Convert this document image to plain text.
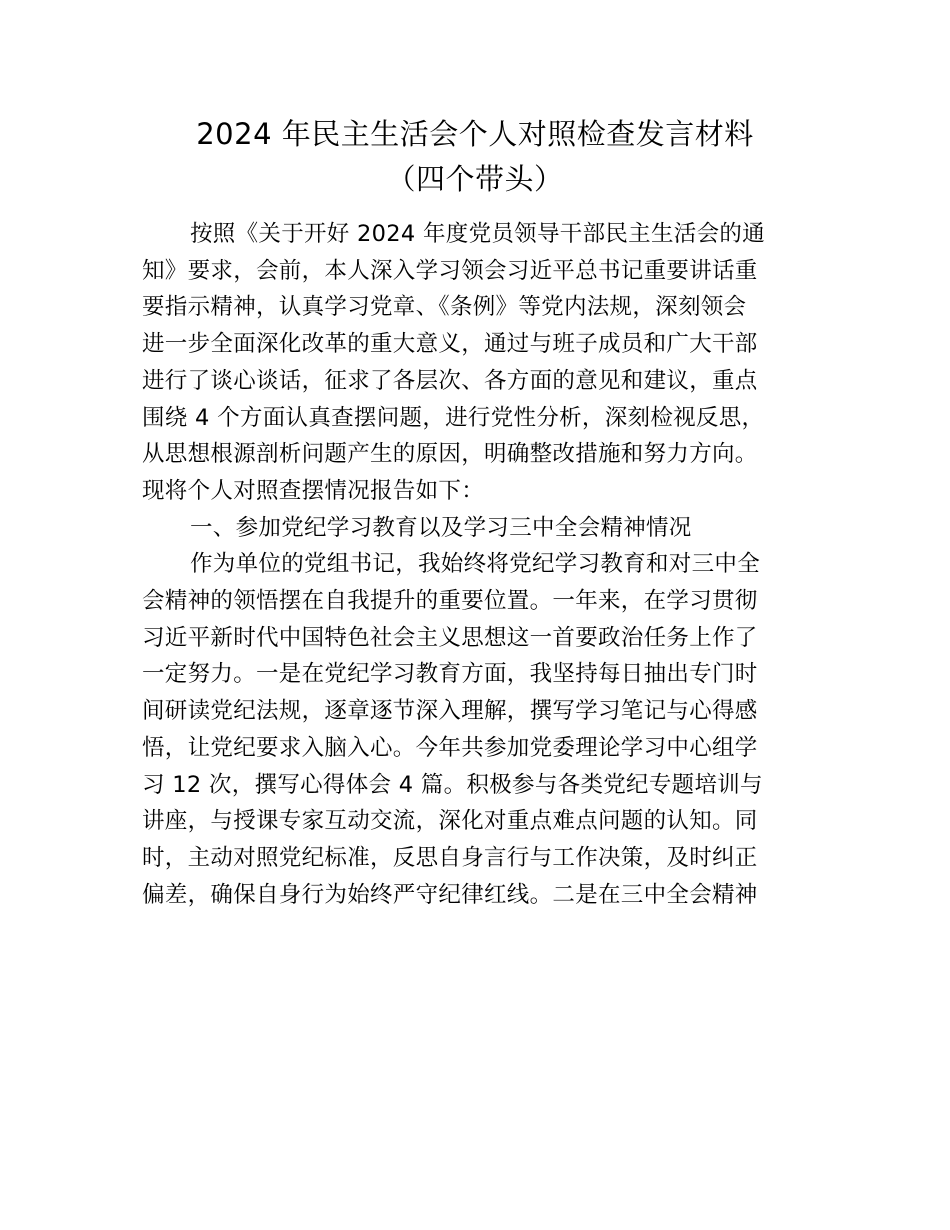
2024 年民主生活会个人对照检查发言材料
（四个带头）
按照《关于开好 2024 年度党员领导干部民主生活会的通
知》要求，会前，本人深入学习领会习近平总书记重要讲话重
要指示精神，认真学习党章、《条例》等党内法规，深刻领会
进一步全面深化改革的重大意义，通过与班子成员和广大干部
进行了谈心谈话，征求了各层次、各方面的意见和建议，重点
围绕 4 个方面认真查摆问题，进行党性分析，深刻检视反思，
从思想根源剖析问题产生的原因，明确整改措施和努力方向。
现将个人对照查摆情况报告如下：
一、参加党纪学习教育以及学习三中全会精神情况
作为单位的党组书记，我始终将党纪学习教育和对三中全
会精神的领悟摆在自我提升的重要位置。一年来，在学习贯彻
习近平新时代中国特色社会主义思想这一首要政治任务上作了
一定努力。一是在党纪学习教育方面，我坚持每日抽出专门时
间研读党纪法规，逐章逐节深入理解，撰写学习笔记与心得感
悟，让党纪要求入脑入心。今年共参加党委理论学习中心组学
习 12 次，撰写心得体会 4 篇。积极参与各类党纪专题培训与
讲座，与授课专家互动交流，深化对重点难点问题的认知。同
时，主动对照党纪标准，反思自身言行与工作决策，及时纠正
偏差，确保自身行为始终严守纪律红线。二是在三中全会精神
